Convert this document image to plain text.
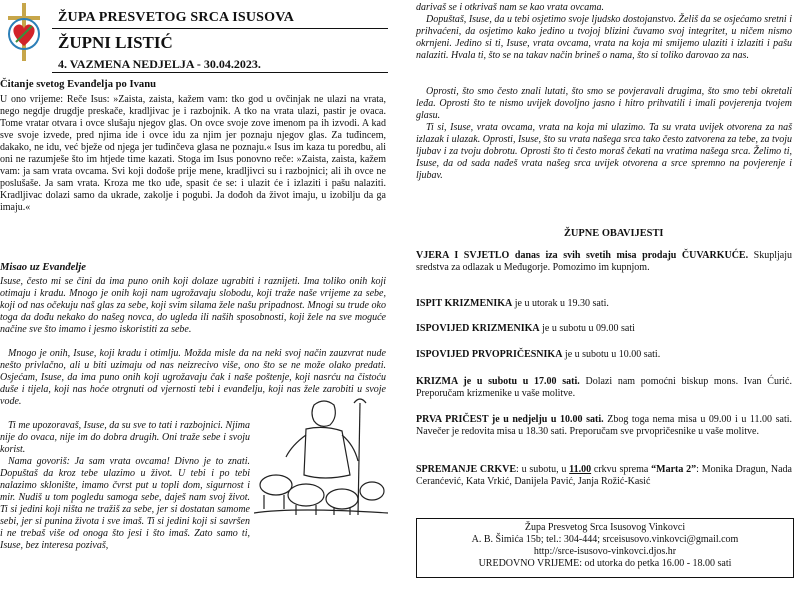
ŽUPA PRESVETOG SRCA ISUSOVA
ŽUPNI LISTIĆ
4. VAZMENA NEDJELJA - 30.04.2023.
Čitanje svetog Evanđelja po Ivanu

U ono vrijeme: Reče Isus: »Zaista, zaista, kažem vam: tko god u ovčinjak ne ulazi na vrata, nego negdje drugdje preskače, kradljivac je i razbojnik. A tko na vrata ulazi, pastir je ovaca. Tome vratar otvara i ovce slušaju njegov glas. On ovce svoje zove imenom pa ih izvodi. A kad sve svoje izvede, pred njima ide i ovce idu za njim jer poznaju njegov glas. Za tuđincem, dakako, ne idu, već bježe od njega jer tuđinčeva glasa ne poznaju.« Isus im kaza tu poredbu, ali oni ne razumješe što im htjede time kazati. Stoga im Isus ponovno reče: »Zaista, zaista, kažem vam: ja sam vrata ovcama. Svi koji dođoše prije mene, kradljivci su i razbojnici; ali ih ovce ne poslušaše. Ja sam vrata. Kroza me tko uđe, spasit će se: i ulazit će i izlaziti i pašu nalaziti. Kradljivac dolazi samo da ukrade, zakolje i pogubi. Ja dođoh da život imaju, u izobilju da ga imaju.«

Misao uz Evanđelje

Isuse, često mi se čini da ima puno onih koji dolaze ugrabiti i raznijeti. Ima toliko onih koji otimaju i kradu. Mnogo je onih koji nam ugrožavaju slobodu, koji traže naše vrijeme za sebe, koji od nas očekuju naš glas za sebe, koji svim silama žele našu pripadnost. Mnogi su trude oko toga da dođu nekako do našeg novca, do ugleda ili naših sposobnosti, koji žele na sve moguće načine sve što imamo i jesmo iskoristiti za sebe.

Mnogo je onih, Isuse, koji kradu i otimlju. Možda misle da na neki svoj način zauzvrat nude nešto privlačno, ali u biti uzimaju od nas neizrecivo više, ono što se ne može olako predati. Osjećam, Isuse, da ima puno onih koji ugrožavaju čak i naše poštenje, koji nasrću na čistoću duše i tijela, koji nas hoće otrgnuti od vjernosti tebi i evanđelju, koji nas žele zarobiti u svoje vode.

Ti me upozoravaš, Isuse, da su sve to tati i razbojnici. Njima nije do ovaca, nije im do dobra drugih. Oni traže sebe i svoju korist.

Nama govoriš: Ja sam vrata ovcama! Divno je to znati. Dopuštaš da kroz tebe ulazimo u život. U tebi i po tebi nalazimo sklonište, imamo čvrst put u topli dom, sigurnost i mir. Nudiš u tom pogledu samoga sebe, daješ nam svoj život. Ti si jedini koji ništa ne tražiš za sebe, jer si dostatan samome sebi, jer si punina života i sve imaš. Ti si jedini koji si savršen i ne trebaš više od onoga što jesi i što imaš. Zato samo ti, Isuse, bez interesa pozivaš,

darivaš se i otkrivaš nam se kao vrata ovcama.

Dopuštaš, Isuse, da u tebi osjetimo svoje ljudsko dostojanstvo. Želiš da se osjećamo sretni i prihvaćeni, da osjetimo kako jedino u tvojoj blizini čuvamo svoj integritet, u ničem nismo okrnjeni. Jedino si ti, Isuse, vrata ovcama, vrata na koja mi smijemo ulaziti i izlaziti i pašu nalaziti. Hvala ti, što se na takav način brineš o nama, što si toliko darovao za nas.

Oprosti, što smo često znali lutati, što smo se povjeravali drugima, što smo tebi okretali leđa. Oprosti što te nismo uvijek dovoljno jasno i hitro prihvatili i imali povjerenja tvojem glasu.

Ti si, Isuse, vrata ovcama, vrata na koja mi ulazimo. Ta su vrata uvijek otvorena za naš izlazak i ulazak. Oprosti, Isuse, što su vrata našega srca tako često zatvorena za tebe, za tvoju ljubav i za tvoju dobrotu. Oprosti što ti često moraš čekati na vratima našega srca. Želimo ti, Isuse, da od sada nađeš vrata našeg srca uvijek otvorena a srce spremno na povjerenje i ljubav.

ŽUPNE OBAVIJESTI

VJERA I SVJETLO danas iza svih svetih misa prodaju ČUVARKUĆE. Skupljaju sredstva za odlazak u Međugorje. Pomozimo im kupnjom.

ISPIT KRIZMENIKA je u utorak u 19.30 sati.

ISPOVIJED KRIZMENIKA je u subotu u 09.00 sati

ISPOVIJED PRVOPRIČESNIKA je u subotu u 10.00 sati.

KRIZMA je u subotu u 17.00 sati. Dolazi nam pomoćni biskup mons. Ivan Ćurić. Preporučam krizmenike u vaše molitve.

PRVA PRIČEST je u nedjelju u 10.00 sati. Zbog toga nema misa u 09.00 i u 11.00 sati. Navečer je redovita misa u 18.30 sati. Preporučam sve prvopričesnike u vaše molitve.

SPREMANJE CRKVE: u subotu, u 11.00 crkvu sprema “Marta 2”: Monika Dragun, Nada Ceranćević, Kata Vrkić, Danijela Pavić, Janja Rožić-Kasić

Župa Presvetog Srca Isusovog Vinkovci
A. B. Šimića 15b; tel.: 304-444; srceisusovo.vinkovci@gmail.com
http://srce-isusovo-vinkovci.djos.hr
UREDOVNO VRIJEME: od utorka do petka 16.00 - 18.00 sati
